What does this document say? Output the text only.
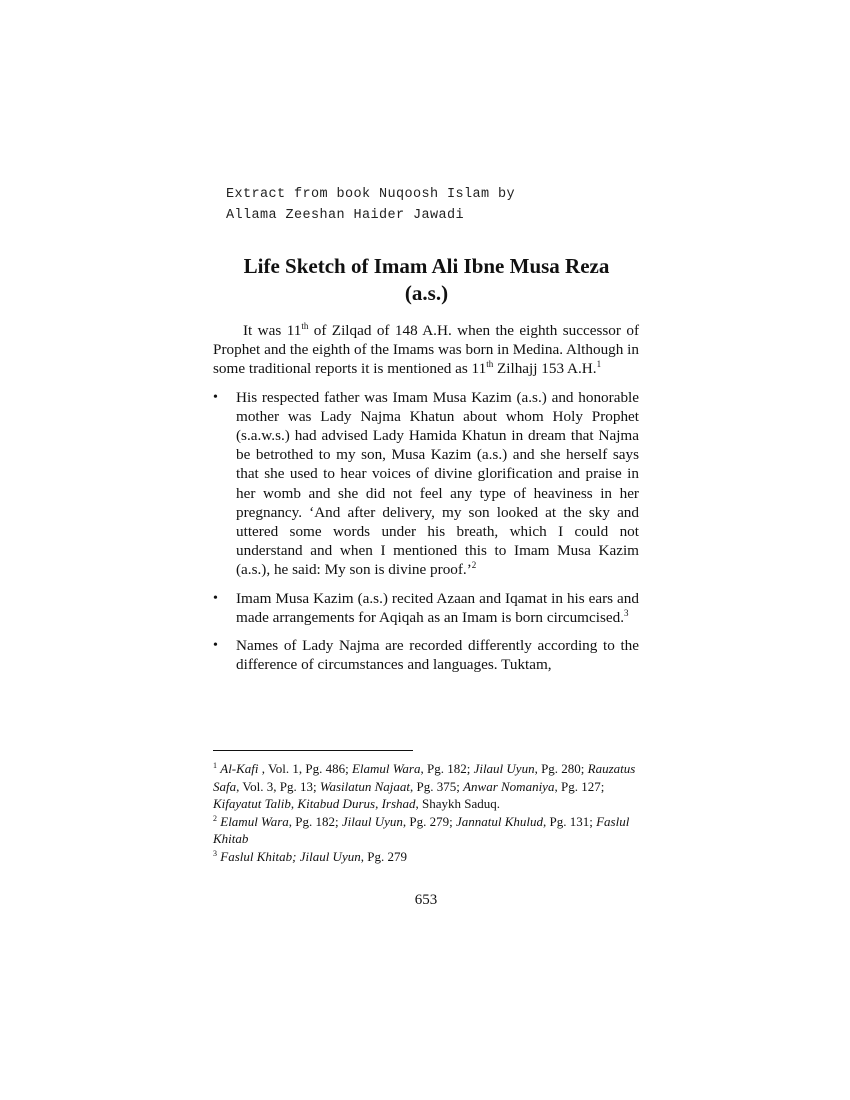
Extract from book Nuqoosh Islam by
Allama Zeeshan Haider Jawadi
Life Sketch of Imam Ali Ibne Musa Reza
(a.s.)

It was 11th of Zilqad of 148 A.H. when the eighth successor of Prophet and the eighth of the Imams was born in Medina. Although in some traditional reports it is mentioned as 11th Zilhajj 153 A.H.$^1$

• His respected father was Imam Musa Kazim (a.s.) and honorable mother was Lady Najma Khatun about whom Holy Prophet (s.a.w.s.) had advised Lady Hamida Khatun in dream that Najma be betrothed to my son, Musa Kazim (a.s.) and she herself says that she used to hear voices of divine glorification and praise in her womb and she did not feel any type of heaviness in her pregnancy. ‘And after delivery, my son looked at the sky and uttered some words under his breath, which I could not understand and when I mentioned this to Imam Musa Kazim (a.s.), he said: My son is divine proof.’$^2$
• Imam Musa Kazim (a.s.) recited Azaan and Iqamat in his ears and made arrangements for Aqiqah as an Imam is born circumcised.$^3$
• Names of Lady Najma are recorded differently according to the difference of circumstances and languages. Tuktam,
$^1$ Al-Kafi , Vol. 1, Pg. 486; Elamul Wara, Pg. 182; Jilaul Uyun, Pg. 280; Rauzatus Safa, Vol. 3, Pg. 13; Wasilatun Najaat, Pg. 375; Anwar Nomaniya, Pg. 127; Kifayatut Talib, Kitabud Durus, Irshad, Shaykh Saduq.
$^2$ Elamul Wara, Pg. 182; Jilaul Uyun, Pg. 279; Jannatul Khulud, Pg. 131; Faslul Khitab
$^3$ Faslul Khitab; Jilaul Uyun, Pg. 279
653
